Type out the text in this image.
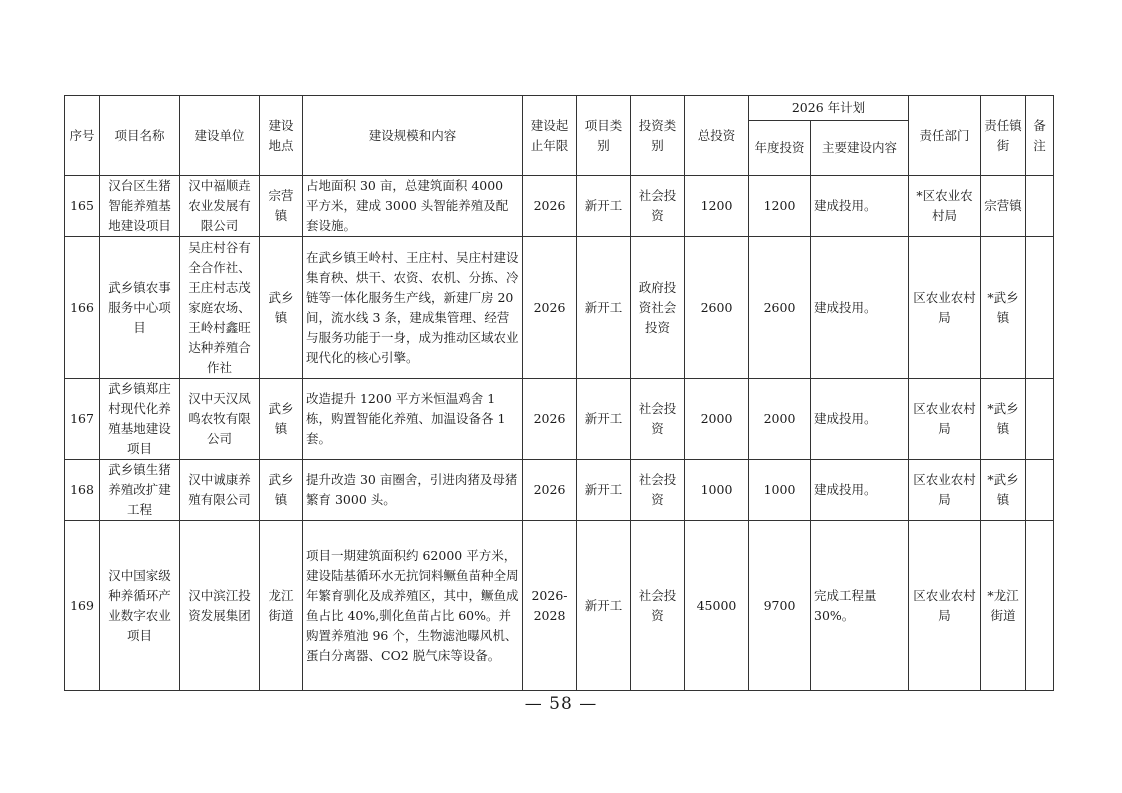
序号	项目名称	建设单位	建设地点	建设规模和内容	建设起止年限	项目类别	投资类别	总投资	2026 年计划		责任部门	责任镇街	备注
									年度投资	主要建设内容			
165	汉台区生猪智能养殖基地建设项目	汉中福顺垚农业发展有限公司	宗营镇	占地面积 30 亩，总建筑面积 4000 平方米，建成 3000 头智能养殖及配套设施。	2026	新开工	社会投资	1200	1200	建成投用。	*区农业农村局	宗营镇	
166	武乡镇农事服务中心项目	吴庄村谷有全合作社、王庄村志茂家庭农场、王岭村鑫旺达种养殖合作社	武乡镇	在武乡镇王岭村、王庄村、吴庄村建设集育秧、烘干、农资、农机、分拣、冷链等一体化服务生产线，新建厂房 20 间，流水线 3 条，建成集管理、经营与服务功能于一身，成为推动区域农业现代化的核心引擎。	2026	新开工	政府投资社会投资	2600	2600	建成投用。	区农业农村局	*武乡镇	
167	武乡镇郑庄村现代化养殖基地建设项目	汉中天汉凤鸣农牧有限公司	武乡镇	改造提升 1200 平方米恒温鸡舍 1 栋，购置智能化养殖、加温设备各 1 套。	2026	新开工	社会投资	2000	2000	建成投用。	区农业农村局	*武乡镇	
168	武乡镇生猪养殖改扩建工程	汉中诚康养殖有限公司	武乡镇	提升改造 30 亩圈舍，引进肉猪及母猪繁育 3000 头。	2026	新开工	社会投资	1000	1000	建成投用。	区农业农村局	*武乡镇	
169	汉中国家级种养循环产业数字农业项目	汉中滨江投资发展集团	龙江街道	项目一期建筑面积约 62000 平方米，建设陆基循环水无抗饲料鳜鱼苗种全周年繁育驯化及成养殖区，其中，鳜鱼成鱼占比 40%,驯化鱼苗占比 60%。并购置养殖池 96 个，生物滤池曝风机、蛋白分离器、CO2 脱气床等设备。	2026-2028	新开工	社会投资	45000	9700	完成工程量 30%。	区农业农村局	*龙江街道	
— 58 —
